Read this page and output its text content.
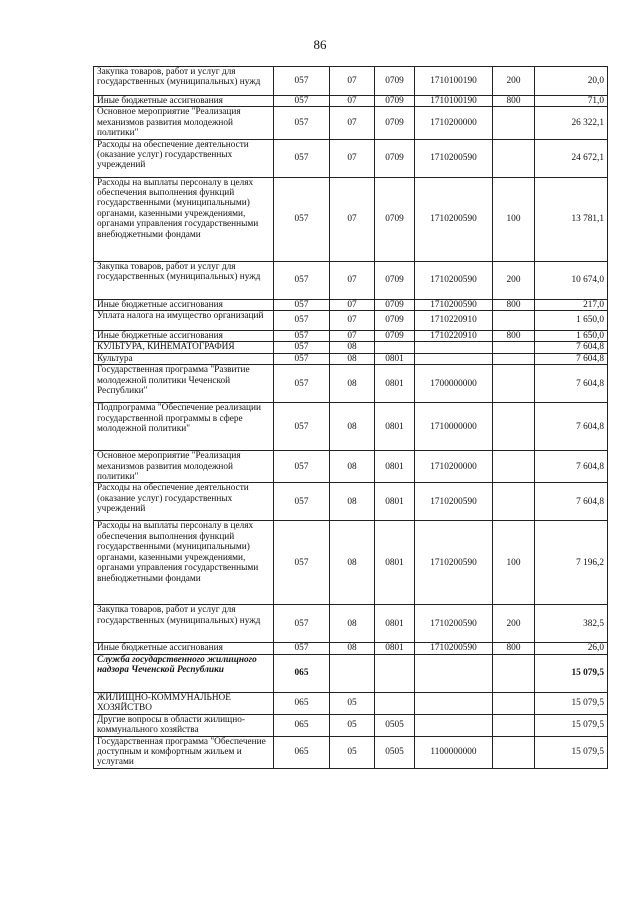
86
Закупка товаров, работ и услуг для государственных (муниципальных) нужд	057	07	0709	1710100190	200	20,0
Иные бюджетные ассигнования	057	07	0709	1710100190	800	71,0
Основное мероприятие "Реализация механизмов развития молодежной политики"	057	07	0709	1710200000		26 322,1
Расходы на обеспечение деятельности (оказание услуг) государственных учреждений	057	07	0709	1710200590		24 672,1
Расходы на выплаты персоналу в целях обеспечения выполнения функций государственными (муниципальными) органами, казенными учреждениями, органами управления государственными внебюджетными фондами	057	07	0709	1710200590	100	13 781,1
Закупка товаров, работ и услуг для государственных (муниципальных) нужд	057	07	0709	1710200590	200	10 674,0
Иные бюджетные ассигнования	057	07	0709	1710200590	800	217,0
Уплата налога на имущество организаций	057	07	0709	1710220910		1 650,0
Иные бюджетные ассигнования	057	07	0709	1710220910	800	1 650,0
КУЛЬТУРА, КИНЕМАТОГРАФИЯ	057	08				7 604,8
Культура	057	08	0801			7 604,8
Государственная программа "Развитие молодежной политики Чеченской Республики"	057	08	0801	1700000000		7 604,8
Подпрограмма "Обеспечение реализации государственной программы в сфере молодежной политики"	057	08	0801	1710000000		7 604,8
Основное мероприятие "Реализация механизмов развития молодежной политики"	057	08	0801	1710200000		7 604,8
Расходы на обеспечение деятельности (оказание услуг) государственных учреждений	057	08	0801	1710200590		7 604,8
Расходы на выплаты персоналу в целях обеспечения выполнения функций государственными (муниципальными) органами, казенными учреждениями, органами управления государственными внебюджетными фондами	057	08	0801	1710200590	100	7 196,2
Закупка товаров, работ и услуг для государственных (муниципальных) нужд	057	08	0801	1710200590	200	382,5
Иные бюджетные ассигнования	057	08	0801	1710200590	800	26,0
Служба государственного жилищного надзора Чеченской Республики	065					15 079,5
ЖИЛИЩНО-КОММУНАЛЬНОЕ ХОЗЯЙСТВО	065	05				15 079,5
Другие вопросы в области жилищно-коммунального хозяйства	065	05	0505			15 079,5
Государственная программа "Обеспечение доступным и комфортным жильем и услугами	065	05	0505	1100000000		15 079,5
